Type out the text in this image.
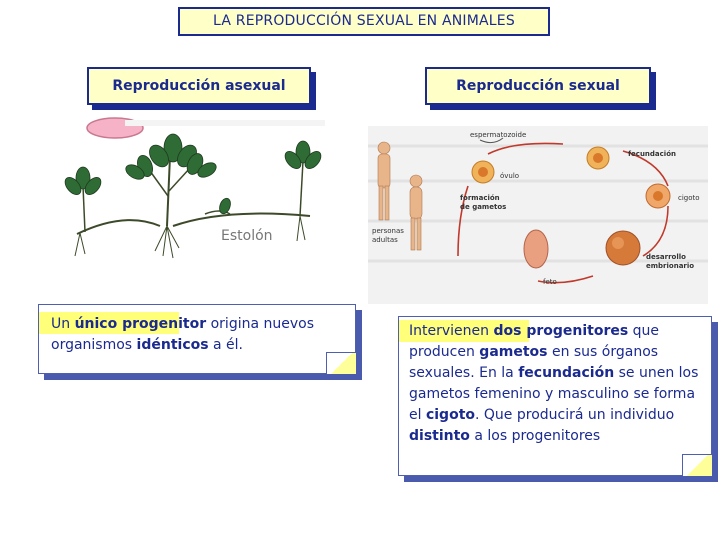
LA REPRODUCCIÓN SEXUAL EN ANIMALES
Reproducción asexual	Reproducción sexual
Estolón
espermatozoide
óvulo
fecundación
cigoto
formación
de gametos
personas
adultas
desarrollo
embrionario
feto
Un único progenitor origina nuevos organismos idénticos a él.
Intervienen dos progenitores que producen gametos en sus órganos sexuales. En la fecundación se unen los gametos femenino y masculino se forma el cigoto. Que producirá un individuo distinto a los progenitores
